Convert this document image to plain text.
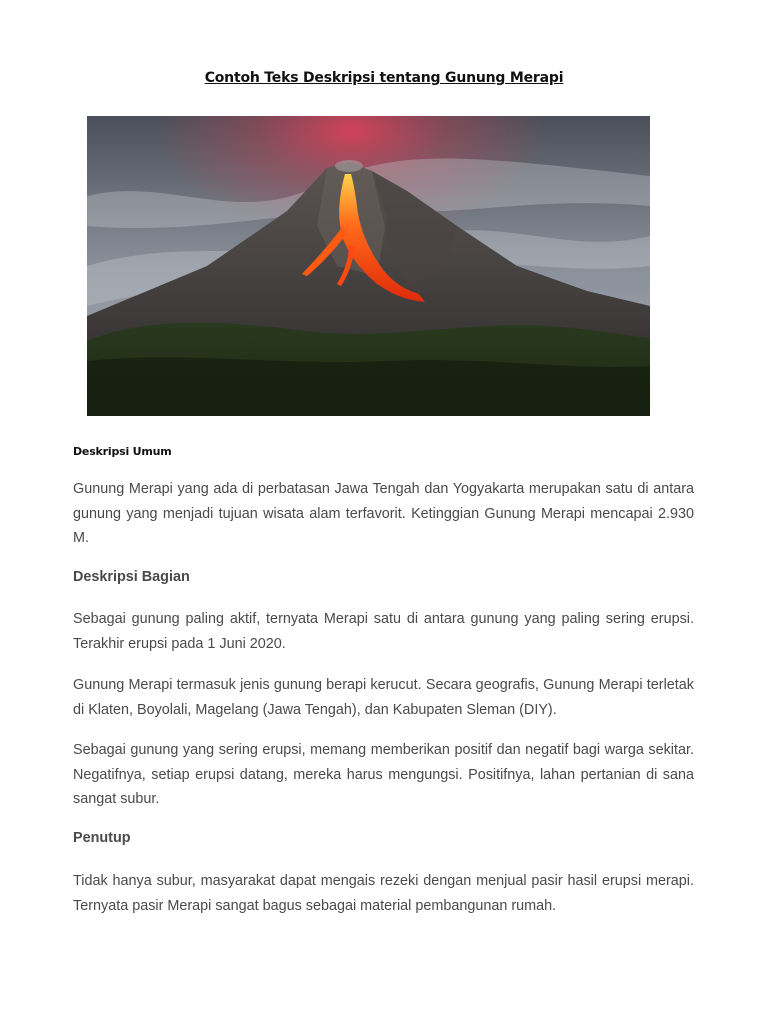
Contoh Teks Deskripsi tentang Gunung Merapi
Deskripsi Umum

Gunung Merapi yang ada di perbatasan Jawa Tengah dan Yogyakarta merupakan satu di antara gunung yang menjadi tujuan wisata alam terfavorit. Ketinggian Gunung Merapi mencapai 2.930 M.

Deskripsi Bagian

Sebagai gunung paling aktif, ternyata Merapi satu di antara gunung yang paling sering erupsi. Terakhir erupsi pada 1 Juni 2020.

Gunung Merapi termasuk jenis gunung berapi kerucut. Secara geografis, Gunung Merapi terletak di Klaten, Boyolali, Magelang (Jawa Tengah), dan Kabupaten Sleman (DIY).

Sebagai gunung yang sering erupsi, memang memberikan positif dan negatif bagi warga sekitar. Negatifnya, setiap erupsi datang, mereka harus mengungsi. Positifnya, lahan pertanian di sana sangat subur.

Penutup

Tidak hanya subur, masyarakat dapat mengais rezeki dengan menjual pasir hasil erupsi merapi. Ternyata pasir Merapi sangat bagus sebagai material pembangunan rumah.
